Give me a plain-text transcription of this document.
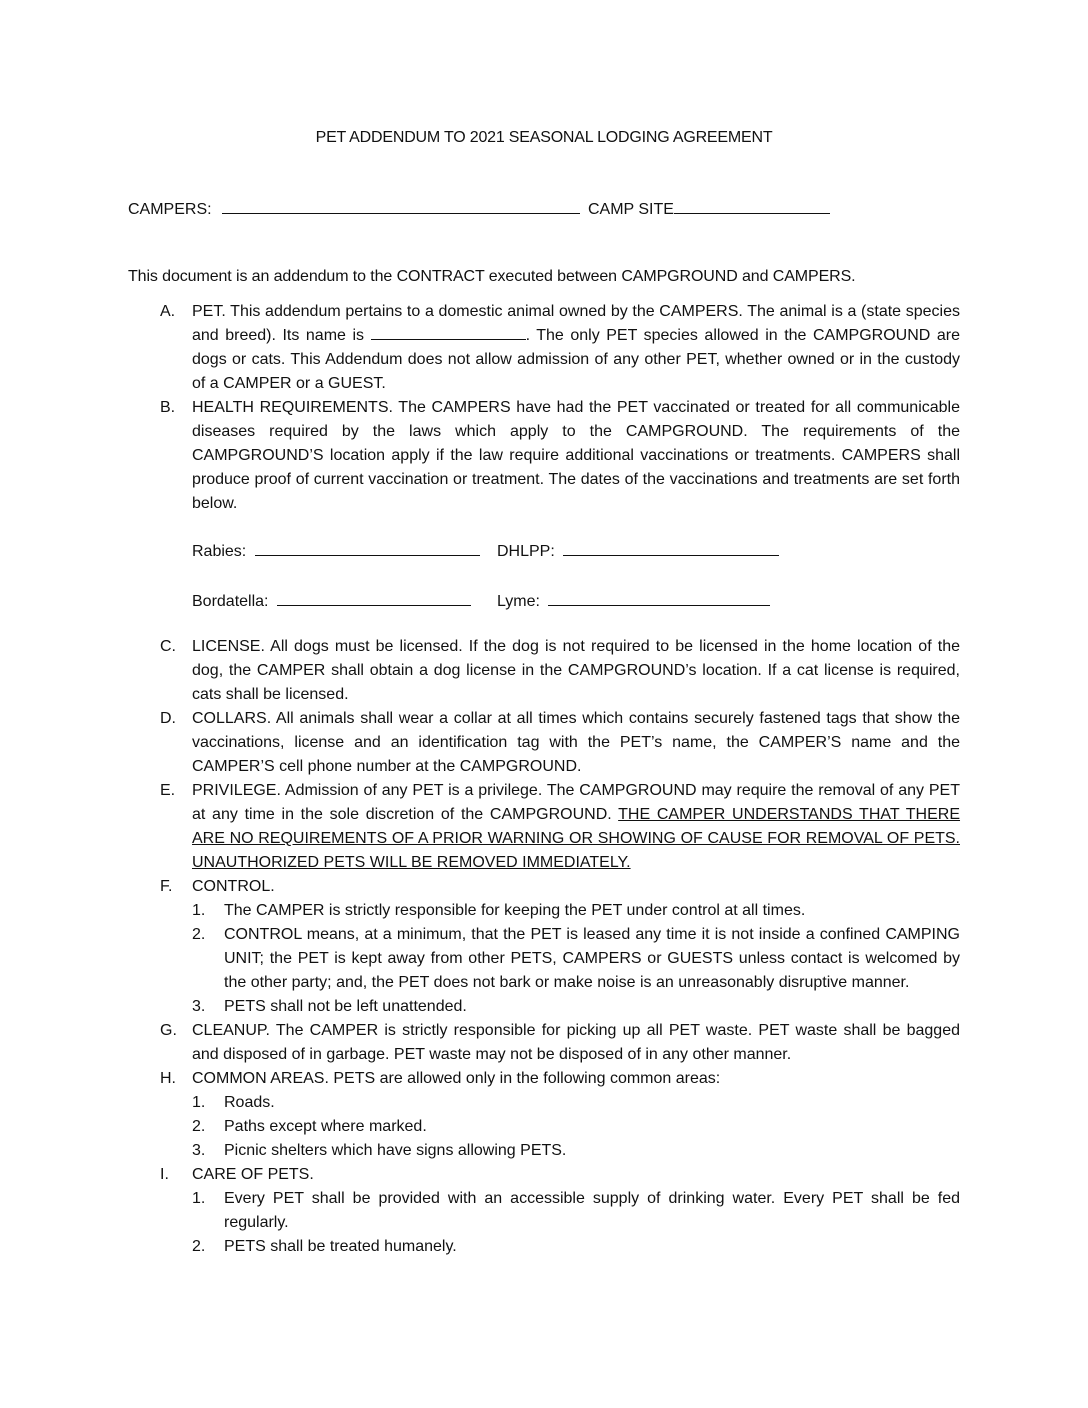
PET ADDENDUM TO 2021 SEASONAL LODGING AGREEMENT
CAMPERS:	CAMP SITE
This document is an addendum to the CONTRACT executed between CAMPGROUND and CAMPERS.
A. PET. This addendum pertains to a domestic animal owned by the CAMPERS. The animal is a (state species and breed). Its name is	. The only PET species allowed in the CAMPGROUND are dogs or cats. This Addendum does not allow admission of any other PET, whether owned or in the custody of a CAMPER or a GUEST.
B. HEALTH REQUIREMENTS. The CAMPERS have had the PET vaccinated or treated for all communicable diseases required by the laws which apply to the CAMPGROUND. The requirements of the CAMPGROUND’S location apply if the law require additional vaccinations or treatments. CAMPERS shall produce proof of current vaccination or treatment. The dates of the vaccinations and treatments are set forth below.
Rabies:	DHLPP:
Bordatella:	Lyme:
C. LICENSE. All dogs must be licensed. If the dog is not required to be licensed in the home location of the dog, the CAMPER shall obtain a dog license in the CAMPGROUND’s location. If a cat license is required, cats shall be licensed.
D. COLLARS. All animals shall wear a collar at all times which contains securely fastened tags that show the vaccinations, license and an identification tag with the PET’s name, the CAMPER’S name and the CAMPER’S cell phone number at the CAMPGROUND.
E. PRIVILEGE. Admission of any PET is a privilege. The CAMPGROUND may require the removal of any PET at any time in the sole discretion of the CAMPGROUND. THE CAMPER UNDERSTANDS THAT THERE ARE NO REQUIREMENTS OF A PRIOR WARNING OR SHOWING OF CAUSE FOR REMOVAL OF PETS. UNAUTHORIZED PETS WILL BE REMOVED IMMEDIATELY.
F. CONTROL.
1. The CAMPER is strictly responsible for keeping the PET under control at all times.
2. CONTROL means, at a minimum, that the PET is leased any time it is not inside a confined CAMPING UNIT; the PET is kept away from other PETS, CAMPERS or GUESTS unless contact is welcomed by the other party; and, the PET does not bark or make noise is an unreasonably disruptive manner.
3. PETS shall not be left unattended.
G. CLEANUP. The CAMPER is strictly responsible for picking up all PET waste. PET waste shall be bagged and disposed of in garbage. PET waste may not be disposed of in any other manner.
H. COMMON AREAS. PETS are allowed only in the following common areas:
1. Roads.
2. Paths except where marked.
3. Picnic shelters which have signs allowing PETS.
I. CARE OF PETS.
1. Every PET shall be provided with an accessible supply of drinking water. Every PET shall be fed regularly.
2. PETS shall be treated humanely.
